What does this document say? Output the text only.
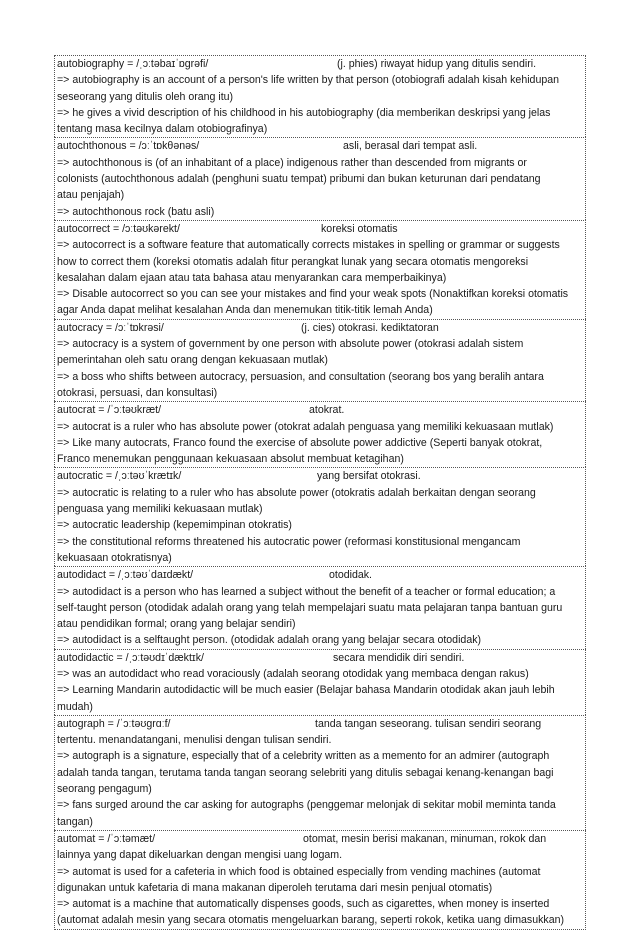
autobiography = /ˌɔːtəbaɪˈɒgrəfi/	(j. phies) riwayat hidup yang ditulis sendiri.
=> autobiography is an account of a person's life written by that person (otobiografi adalah kisah kehidupan
seseorang yang ditulis oleh orang itu)
=> he gives a vivid description of his childhood in his autobiography (dia memberikan deskripsi yang jelas
tentang masa kecilnya dalam otobiografinya)
autochthonous = /ɔːˈtɒkθənəs/	asli, berasal dari tempat asli.
=> autochthonous is (of an inhabitant of a place) indigenous rather than descended from migrants or
colonists (autochthonous adalah (penghuni suatu tempat) pribumi dan bukan keturunan dari pendatang
atau penjajah)
=> autochthonous rock (batu asli)
autocorrect = /ɔːtəʊkərekt/	koreksi otomatis
=> autocorrect is a software feature that automatically corrects mistakes in spelling or grammar or suggests
how to correct them (koreksi otomatis adalah fitur perangkat lunak yang secara otomatis mengoreksi
kesalahan dalam ejaan atau tata bahasa atau menyarankan cara memperbaikinya)
=> Disable autocorrect so you can see your mistakes and find your weak spots (Nonaktifkan koreksi otomatis
agar Anda dapat melihat kesalahan Anda dan menemukan titik-titik lemah Anda)
autocracy = /ɔːˈtɒkrəsi/	(j. cies) otokrasi. kediktatoran
=> autocracy is a system of government by one person with absolute power (otokrasi adalah sistem
pemerintahan oleh satu orang dengan kekuasaan mutlak)
=> a boss who shifts between autocracy, persuasion, and consultation (seorang bos yang beralih antara
otokrasi, persuasi, dan konsultasi)
autocrat = /ˈɔːtəʊkræt/	atokrat.
=> autocrat is a ruler who has absolute power (otokrat adalah penguasa yang memiliki kekuasaan mutlak)
=> Like many autocrats, Franco found the exercise of absolute power addictive (Seperti banyak otokrat,
Franco menemukan penggunaan kekuasaan absolut membuat ketagihan)
autocratic = /ˌɔːtəʊˈkrætɪk/	yang bersifat otokrasi.
=> autocratic is relating to a ruler who has absolute power (otokratis adalah berkaitan dengan seorang
penguasa yang memiliki kekuasaan mutlak)
=> autocratic leadership (kepemimpinan otokratis)
=> the constitutional reforms threatened his autocratic power (reformasi konstitusional mengancam
kekuasaan otokratisnya)
autodidact = /ˌɔːtəʊˈdaɪdækt/	otodidak.
=> autodidact is a person who has learned a subject without the benefit of a teacher or formal education; a
self-taught person (otodidak adalah orang yang telah mempelajari suatu mata pelajaran tanpa bantuan guru
atau pendidikan formal; orang yang belajar sendiri)
=> autodidact is a selftaught person. (otodidak adalah orang yang belajar secara otodidak)
autodidactic = /ˌɔːtəʊdɪˈdæktɪk/	secara mendidik diri sendiri.
=> was an autodidact who read voraciously (adalah seorang otodidak yang membaca dengan rakus)
=> Learning Mandarin autodidactic will be much easier (Belajar bahasa Mandarin otodidak akan jauh lebih
mudah)
autograph = /ˈɔːtəʊgrɑːf/	tanda tangan seseorang. tulisan sendiri seorang
tertentu. menandatangani, menulisi dengan tulisan sendiri.
=> autograph is a signature, especially that of a celebrity written as a memento for an admirer (autograph
adalah tanda tangan, terutama tanda tangan seorang selebriti yang ditulis sebagai kenang-kenangan bagi
seorang pengagum)
=> fans surged around the car asking for autographs (penggemar melonjak di sekitar mobil meminta tanda
tangan)
automat = /ˈɔːtəmæt/	otomat, mesin berisi makanan, minuman, rokok dan
lainnya yang dapat dikeluarkan dengan mengisi uang logam.
=> automat is used for a cafeteria in which food is obtained especially from vending machines (automat
digunakan untuk kafetaria di mana makanan diperoleh terutama dari mesin penjual otomatis)
=> automat is a machine that automatically dispenses goods, such as cigarettes, when money is inserted
(automat adalah mesin yang secara otomatis mengeluarkan barang, seperti rokok, ketika uang dimasukkan)
